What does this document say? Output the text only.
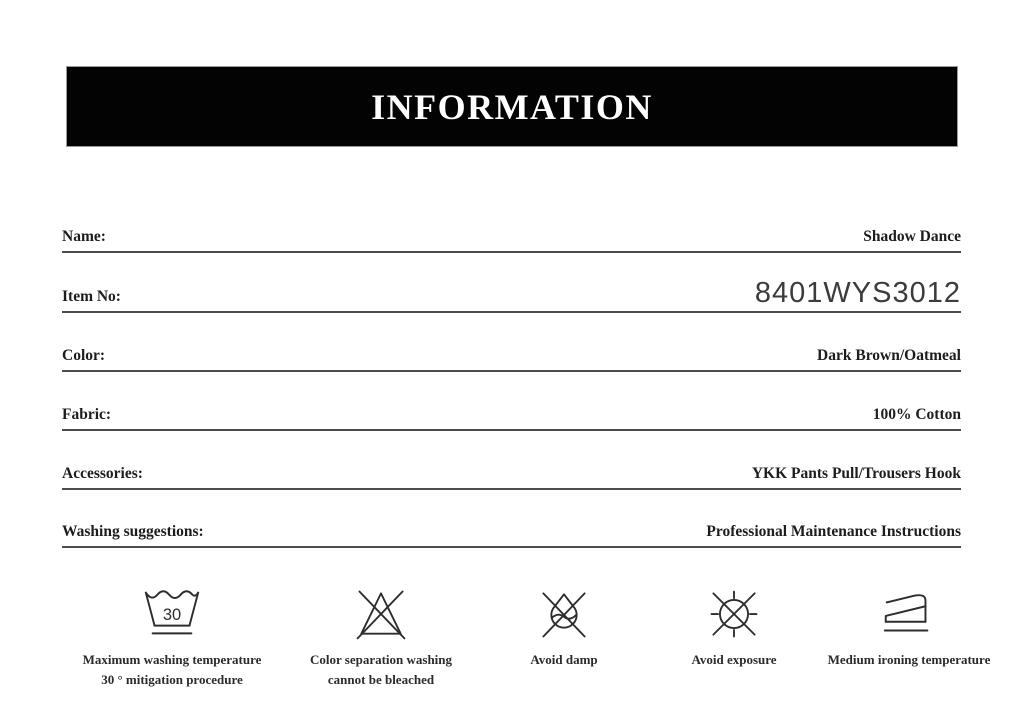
INFORMATION
Name:	Shadow Dance
Item No:	8401WYS3012
Color:	Dark Brown/Oatmeal
Fabric:	100% Cotton
Accessories:	YKK Pants Pull/Trousers Hook
Washing suggestions:	Professional Maintenance Instructions
30
Maximum washing temperature
30 ° mitigation procedure
Color separation washing
cannot be bleached
Avoid damp	Avoid exposure	Medium ironing temperature
